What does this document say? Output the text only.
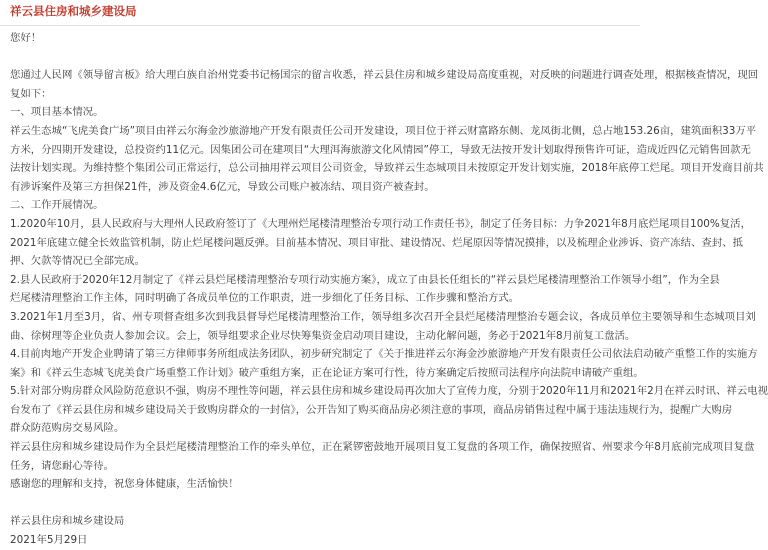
祥云县住房和城乡建设局

您好！

您通过人民网《领导留言板》给大理白族自治州党委书记杨国宗的留言收悉，祥云县住房和城乡建设局高度重视，对反映的问题进行调查处理，根据核查情况，现回

复如下：

一、项目基本情况。

祥云生态城“飞虎美食广场”项目由祥云尔海金沙旅游地产开发有限责任公司开发建设，项目位于祥云财富路东侧、龙凤街北侧，总占地153.26亩，建筑面积33万平

方米，分四期开发建设，总投资约11亿元。因集团公司在建项目“大理洱海旅游文化风情园”停工，导致无法按开发计划取得预售许可证，造成近四亿元销售回款无

法按计划实现。为维持整个集团公司正常运行，总公司抽用祥云项目公司资金，导致祥云生态城项目未按原定开发计划实施，2018年底停工烂尾。项目开发商目前共

有涉诉案件及第三方担保21件，涉及资金4.6亿元，导致公司账户被冻结、项目资产被查封。

二、工作开展情况。

1.2020年10月，县人民政府与大理州人民政府签订了《大理州烂尾楼清理整治专项行动工作责任书》，制定了任务目标：力争2021年8月底烂尾项目100%复活，

2021年底建立健全长效监管机制，防止烂尾楼问题反弹。目前基本情况、项目审批、建设情况、烂尾原因等情况摸排，以及梳理企业涉诉、资产冻结、查封、抵

押、欠款等情况已全部完成。

2.县人民政府于2020年12月制定了《祥云县烂尾楼清理整治专项行动实施方案》，成立了由县长任组长的“祥云县烂尾楼清理整治工作领导小组”，作为全县

烂尾楼清理整治工作主体，同时明确了各成员单位的工作职责，进一步细化了任务目标、工作步骤和整治方式。

3.2021年1月至3月，省、州专项督查组多次到我县督导烂尾楼清理整治工作，领导组多次召开全县烂尾楼清理整治专题会议，各成员单位主要领导和生态城项目刘

曲、徐树理等企业负责人参加会议。会上，领导组要求企业尽快筹集资金启动项目建设，主动化解问题，务必于2021年8月前复工盘活。

4.目前肉地产开发企业聘请了第三方律师事务所组成法务团队，初步研究制定了《关于推进祥云尔海金沙旅游地产开发有限责任公司依法启动破产重整工作的实施方

案》和《祥云生态城飞虎美食广场重整工作计划》破产重组方案，正在论证方案可行性，待方案确定后按照司法程序向法院申请破产重组。

5.针对部分购房群众风险防范意识不强，购房不理性等问题，祥云县住房和城乡建设局再次加大了宣传力度，分别于2020年11月和2021年2月在祥云时讯、祥云电视

台发布了《祥云县住房和城乡建设局关于致购房群众的一封信》，公开告知了购买商品房必须注意的事项，商品房销售过程中属于违法违规行为，提醒广大购房

群众防范购房交易风险。

祥云县住房和城乡建设局作为全县烂尾楼清理整治工作的牵头单位，正在紧锣密鼓地开展项目复工复盘的各项工作，确保按照省、州要求今年8月底前完成项目复盘

任务，请您耐心等待。

感谢您的理解和支持，祝您身体健康，生活愉快！

祥云县住房和城乡建设局

2021年5月29日
